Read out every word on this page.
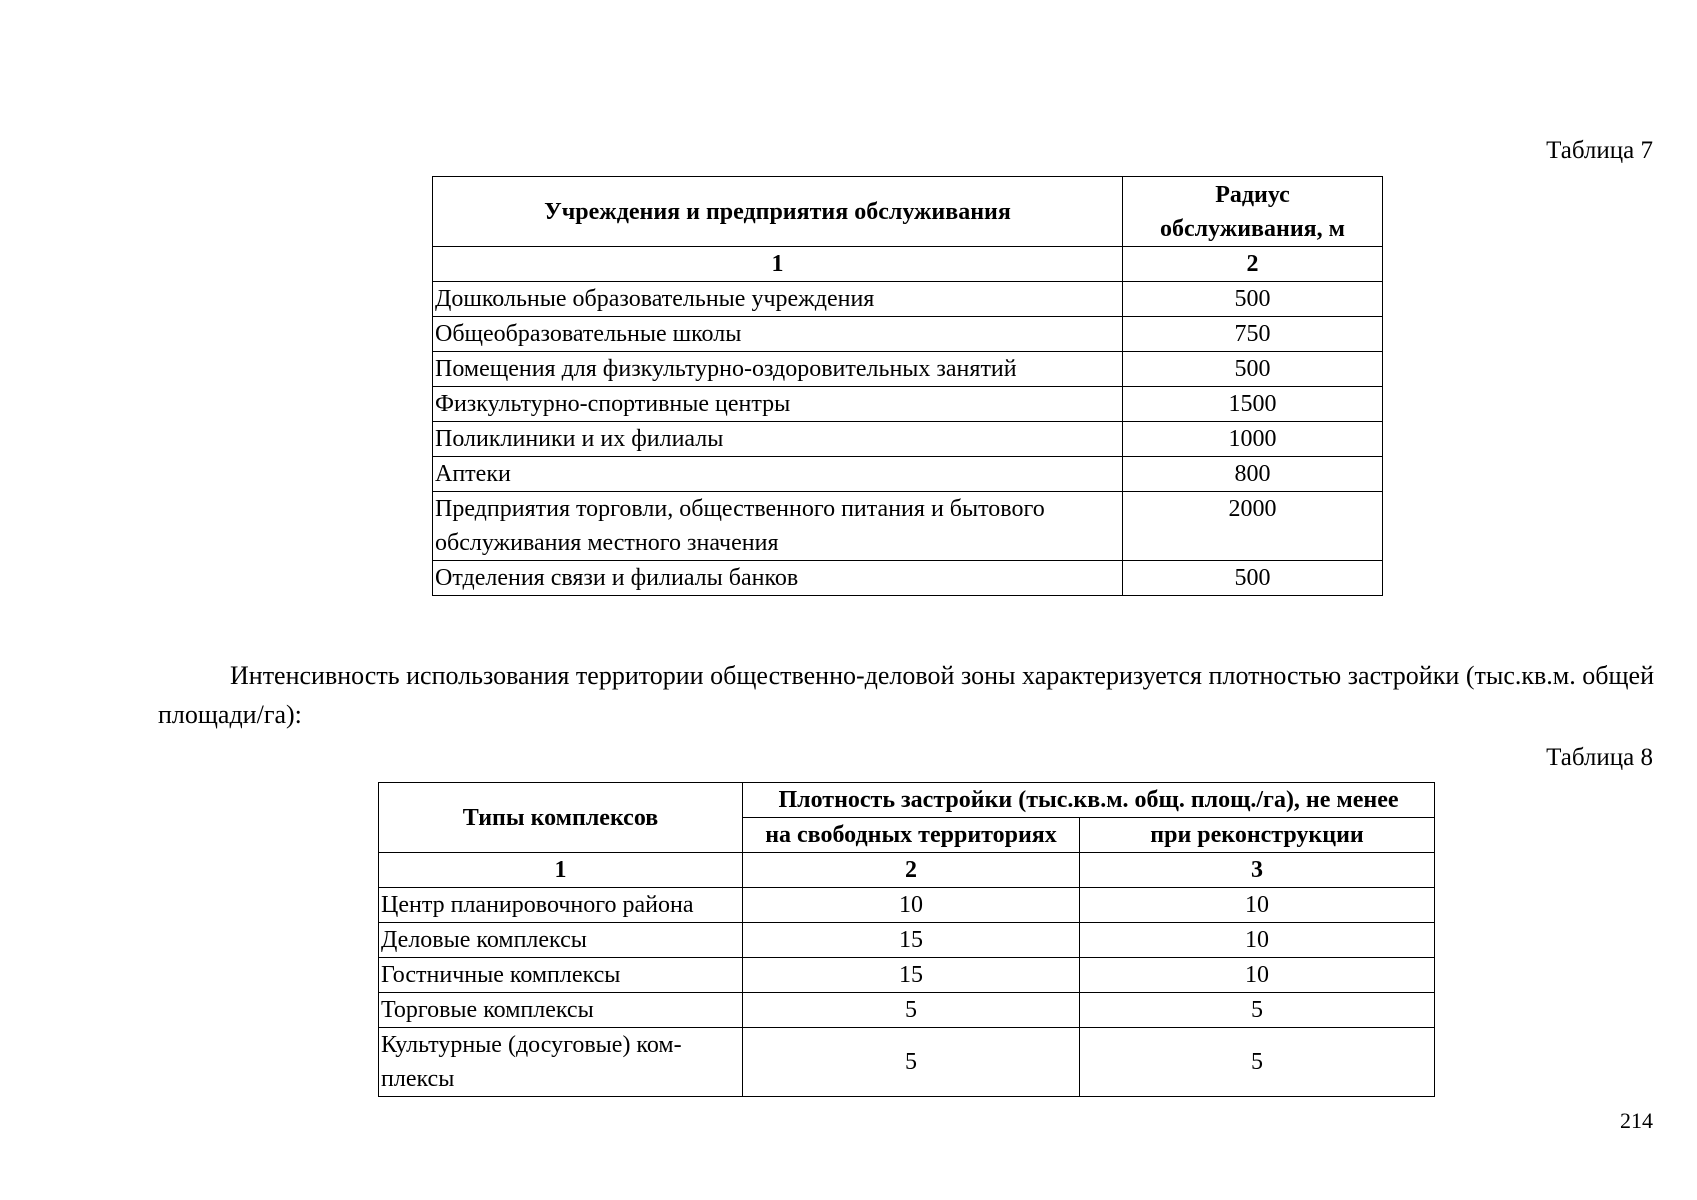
Таблица 7
Учреждения и предприятия обслуживания	Радиус обслуживания, м
1	2
Дошкольные образовательные учреждения	500
Общеобразовательные школы	750
Помещения для физкультурно-оздоровительных занятий	500
Физкультурно-спортивные центры	1500
Поликлиники и их филиалы	1000
Аптеки	800
Предприятия торговли, общественного питания и бытового обслуживания местного значения	2000
Отделения связи и филиалы банков	500

Интенсивность использования территории общественно-деловой зоны характеризуется плотностью застройки (тыс.кв.м. общей площади/га):

Таблица 8
Типы комплексов	Плотность застройки (тыс.кв.м. общ. площ./га), не менее	
	на свободных территориях	при реконструкции
1	2	3
Центр планировочного района	10	10
Деловые комплексы	15	10
Гостничные комплексы	15	10
Торговые комплексы	5	5
Культурные (досуговые) ком-плексы	5	5
214
